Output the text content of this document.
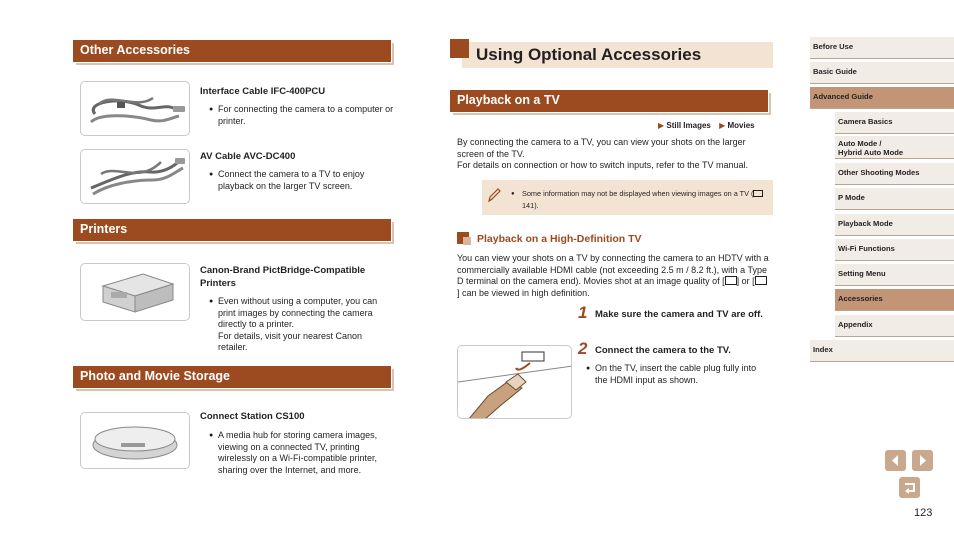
Other Accessories
Interface Cable IFC-400PCU
● For connecting the camera to a computer or printer.
AV Cable AVC-DC400
● Connect the camera to a TV to enjoy playback on the larger TV screen.
Printers
Canon-Brand PictBridge-Compatible Printers
● Even without using a computer, you can print images by connecting the camera directly to a printer.
For details, visit your nearest Canon retailer.
Photo and Movie Storage
Connect Station CS100
● A media hub for storing camera images, viewing on a connected TV, printing wirelessly on a Wi-Fi-compatible printer, sharing over the Internet, and more.
Using Optional Accessories
Playback on a TV
▶ Still Images ▶ Movies
By connecting the camera to a TV, you can view your shots on the larger screen of the TV.
For details on connection or how to switch inputs, refer to the TV manual.
● Some information may not be displayed when viewing images on a TV (141).
Playback on a High-Definition TV
You can view your shots on a TV by connecting the camera to an HDTV with a commercially available HDMI cable (not exceeding 2.5 m / 8.2 ft.), with a Type D terminal on the camera end). Movies shot at an image quality of [ ] or [] can be viewed in high definition.
1 Make sure the camera and TV are off.
2 Connect the camera to the TV.
● On the TV, insert the cable plug fully into the HDMI input as shown.
Before Use
Basic Guide
Advanced Guide
Camera Basics
Auto Mode /
Hybrid Auto Mode
Other Shooting Modes
P Mode
Playback Mode
Wi-Fi Functions
Setting Menu
Accessories
Appendix
Index
123
